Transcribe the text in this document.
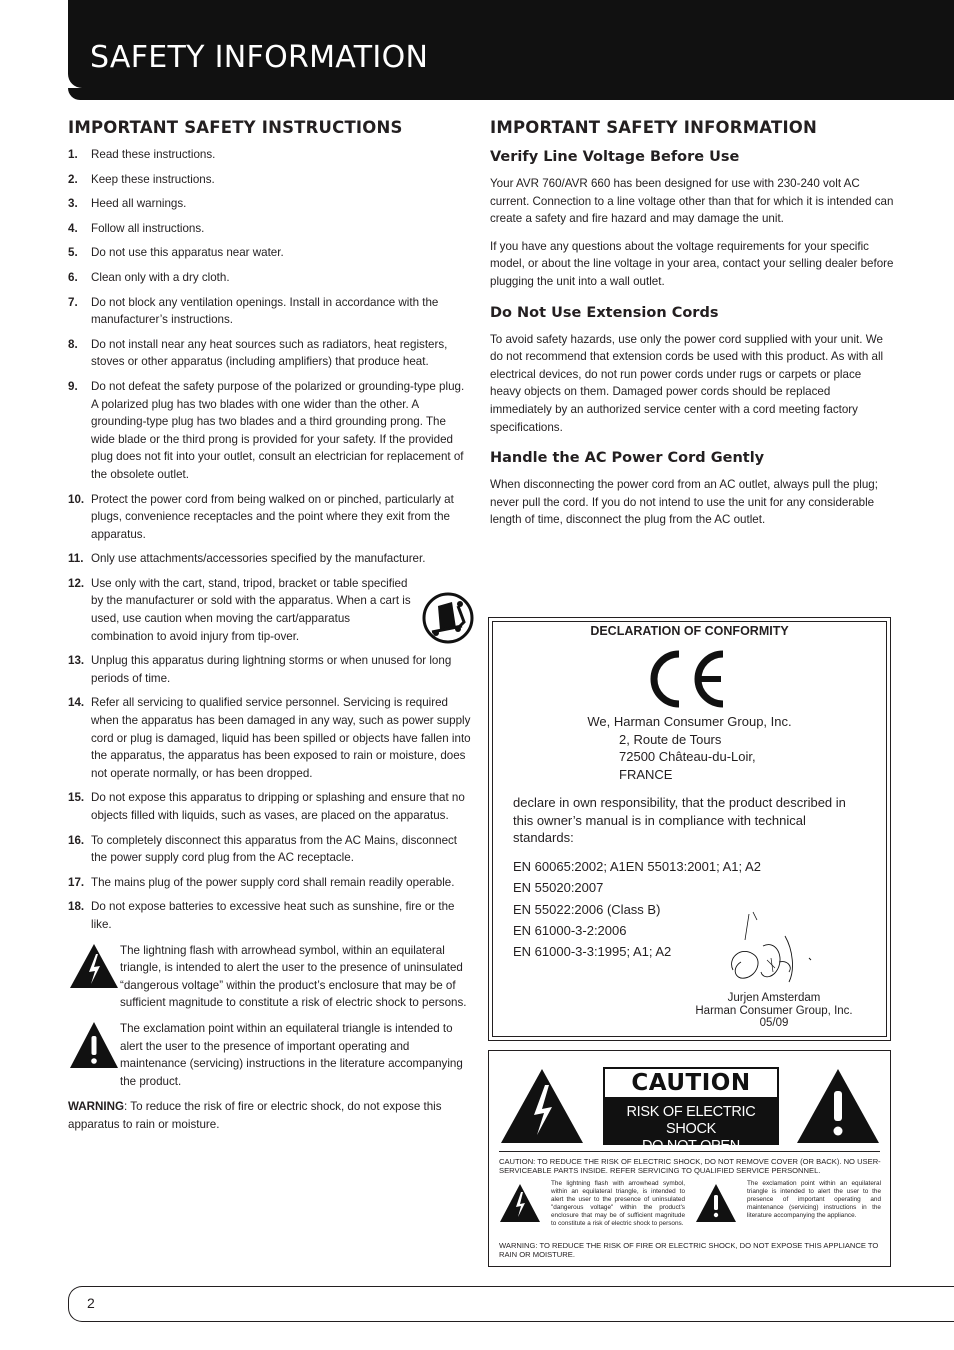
SAFETY INFORMATION
IMPORTANT SAFETY INSTRUCTIONS
1.	Read these instructions.
2.	Keep these instructions.
3.	Heed all warnings.
4.	Follow all instructions.
5.	Do not use this apparatus near water.
6.	Clean only with a dry cloth.
7.	Do not block any ventilation openings. Install in accordance with the manufacturer’s instructions.
8.	Do not install near any heat sources such as radiators, heat registers, stoves or other apparatus (including amplifiers) that produce heat.
9.	Do not defeat the safety purpose of the polarized or grounding-type plug. A polarized plug has two blades with one wider than the other. A grounding-type plug has two blades and a third grounding prong. The wide blade or the third prong is provided for your safety. If the provided plug does not fit into your outlet, consult an electrician for replacement of the obsolete outlet.
10. Protect the power cord from being walked on or pinched, particularly at plugs, convenience receptacles and the point where they exit from the apparatus.
11. Only use attachments/accessories specified by the manufacturer.
12. Use only with the cart, stand, tripod, bracket or table specified by the manufacturer or sold with the apparatus. When a cart is used, use caution when moving the cart/apparatus combination to avoid injury from tip-over.
13. Unplug this apparatus during lightning storms or when unused for long periods of time.
14. Refer all servicing to qualified service personnel. Servicing is required when the apparatus has been damaged in any way, such as power supply cord or plug is damaged, liquid has been spilled or objects have fallen into the apparatus, the apparatus has been exposed to rain or moisture, does not operate normally, or has been dropped.
15. Do not expose this apparatus to dripping or splashing and ensure that no objects filled with liquids, such as vases, are placed on the apparatus.
16. To completely disconnect this apparatus from the AC Mains, disconnect the power supply cord plug from the AC receptacle.
17. The mains plug of the power supply cord shall remain readily operable.
18. Do not expose batteries to excessive heat such as sunshine, fire or the like.
The lightning flash with arrowhead symbol, within an equilateral triangle, is intended to alert the user to the presence of uninsulated “dangerous voltage” within the product’s enclosure that may be of sufficient magnitude to constitute a risk of electric shock to persons.
The exclamation point within an equilateral triangle is intended to alert the user to the presence of important operating and maintenance (servicing) instructions in the literature accompanying the product.
WARNING: To reduce the risk of fire or electric shock, do not expose this apparatus to rain or moisture.
IMPORTANT SAFETY INFORMATION
Verify Line Voltage Before Use
Your AVR 760/AVR 660 has been designed for use with 230-240 volt AC current. Connection to a line voltage other than that for which it is intended can create a safety and fire hazard and may damage the unit.
If you have any questions about the voltage requirements for your specific model, or about the line voltage in your area, contact your selling dealer before plugging the unit into a wall outlet.
Do Not Use Extension Cords
To avoid safety hazards, use only the power cord supplied with your unit. We do not recommend that extension cords be used with this product. As with all electrical devices, do not run power cords under rugs or carpets or place heavy objects on them. Damaged power cords should be replaced immediately by an authorized service center with a cord meeting factory specifications.
Handle the AC Power Cord Gently
When disconnecting the power cord from an AC outlet, always pull the plug; never pull the cord. If you do not intend to use the unit for any considerable length of time, disconnect the plug from the AC outlet.
DECLARATION OF CONFORMITY
We, Harman Consumer Group, Inc.
2, Route de Tours
72500 Château-du-Loir,
FRANCE
declare in own responsibility, that the product described in this owner’s manual is in compliance with technical standards:
EN 60065:2002; A1EN 55013:2001; A1; A2
EN 55020:2007
EN 55022:2006 (Class B)
EN 61000-3-2:2006
EN 61000-3-3:1995; A1; A2
Jurjen Amsterdam
Harman Consumer Group, Inc.
05/09
CAUTION
RISK OF ELECTRIC SHOCK
DO NOT OPEN
CAUTION: TO REDUCE THE RISK OF ELECTRIC SHOCK, DO NOT REMOVE COVER (OR BACK). NO USER-SERVICEABLE PARTS INSIDE. REFER SERVICING TO QUALIFIED SERVICE PERSONNEL.
The lightning flash with arrowhead symbol, within an equilateral triangle, is intended to alert the user to the presence of uninsulated "dangerous voltage" within the product's enclosure that may be of sufficient magnitude to constitute a risk of electric shock to persons.
The exclamation point within an equilateral triangle is intended to alert the user to the presence of important operating and maintenance (servicing) instructions in the literature accompanying the appliance.
WARNING: TO REDUCE THE RISK OF FIRE OR ELECTRIC SHOCK, DO NOT EXPOSE THIS APPLIANCE TO RAIN OR MOISTURE.
2
